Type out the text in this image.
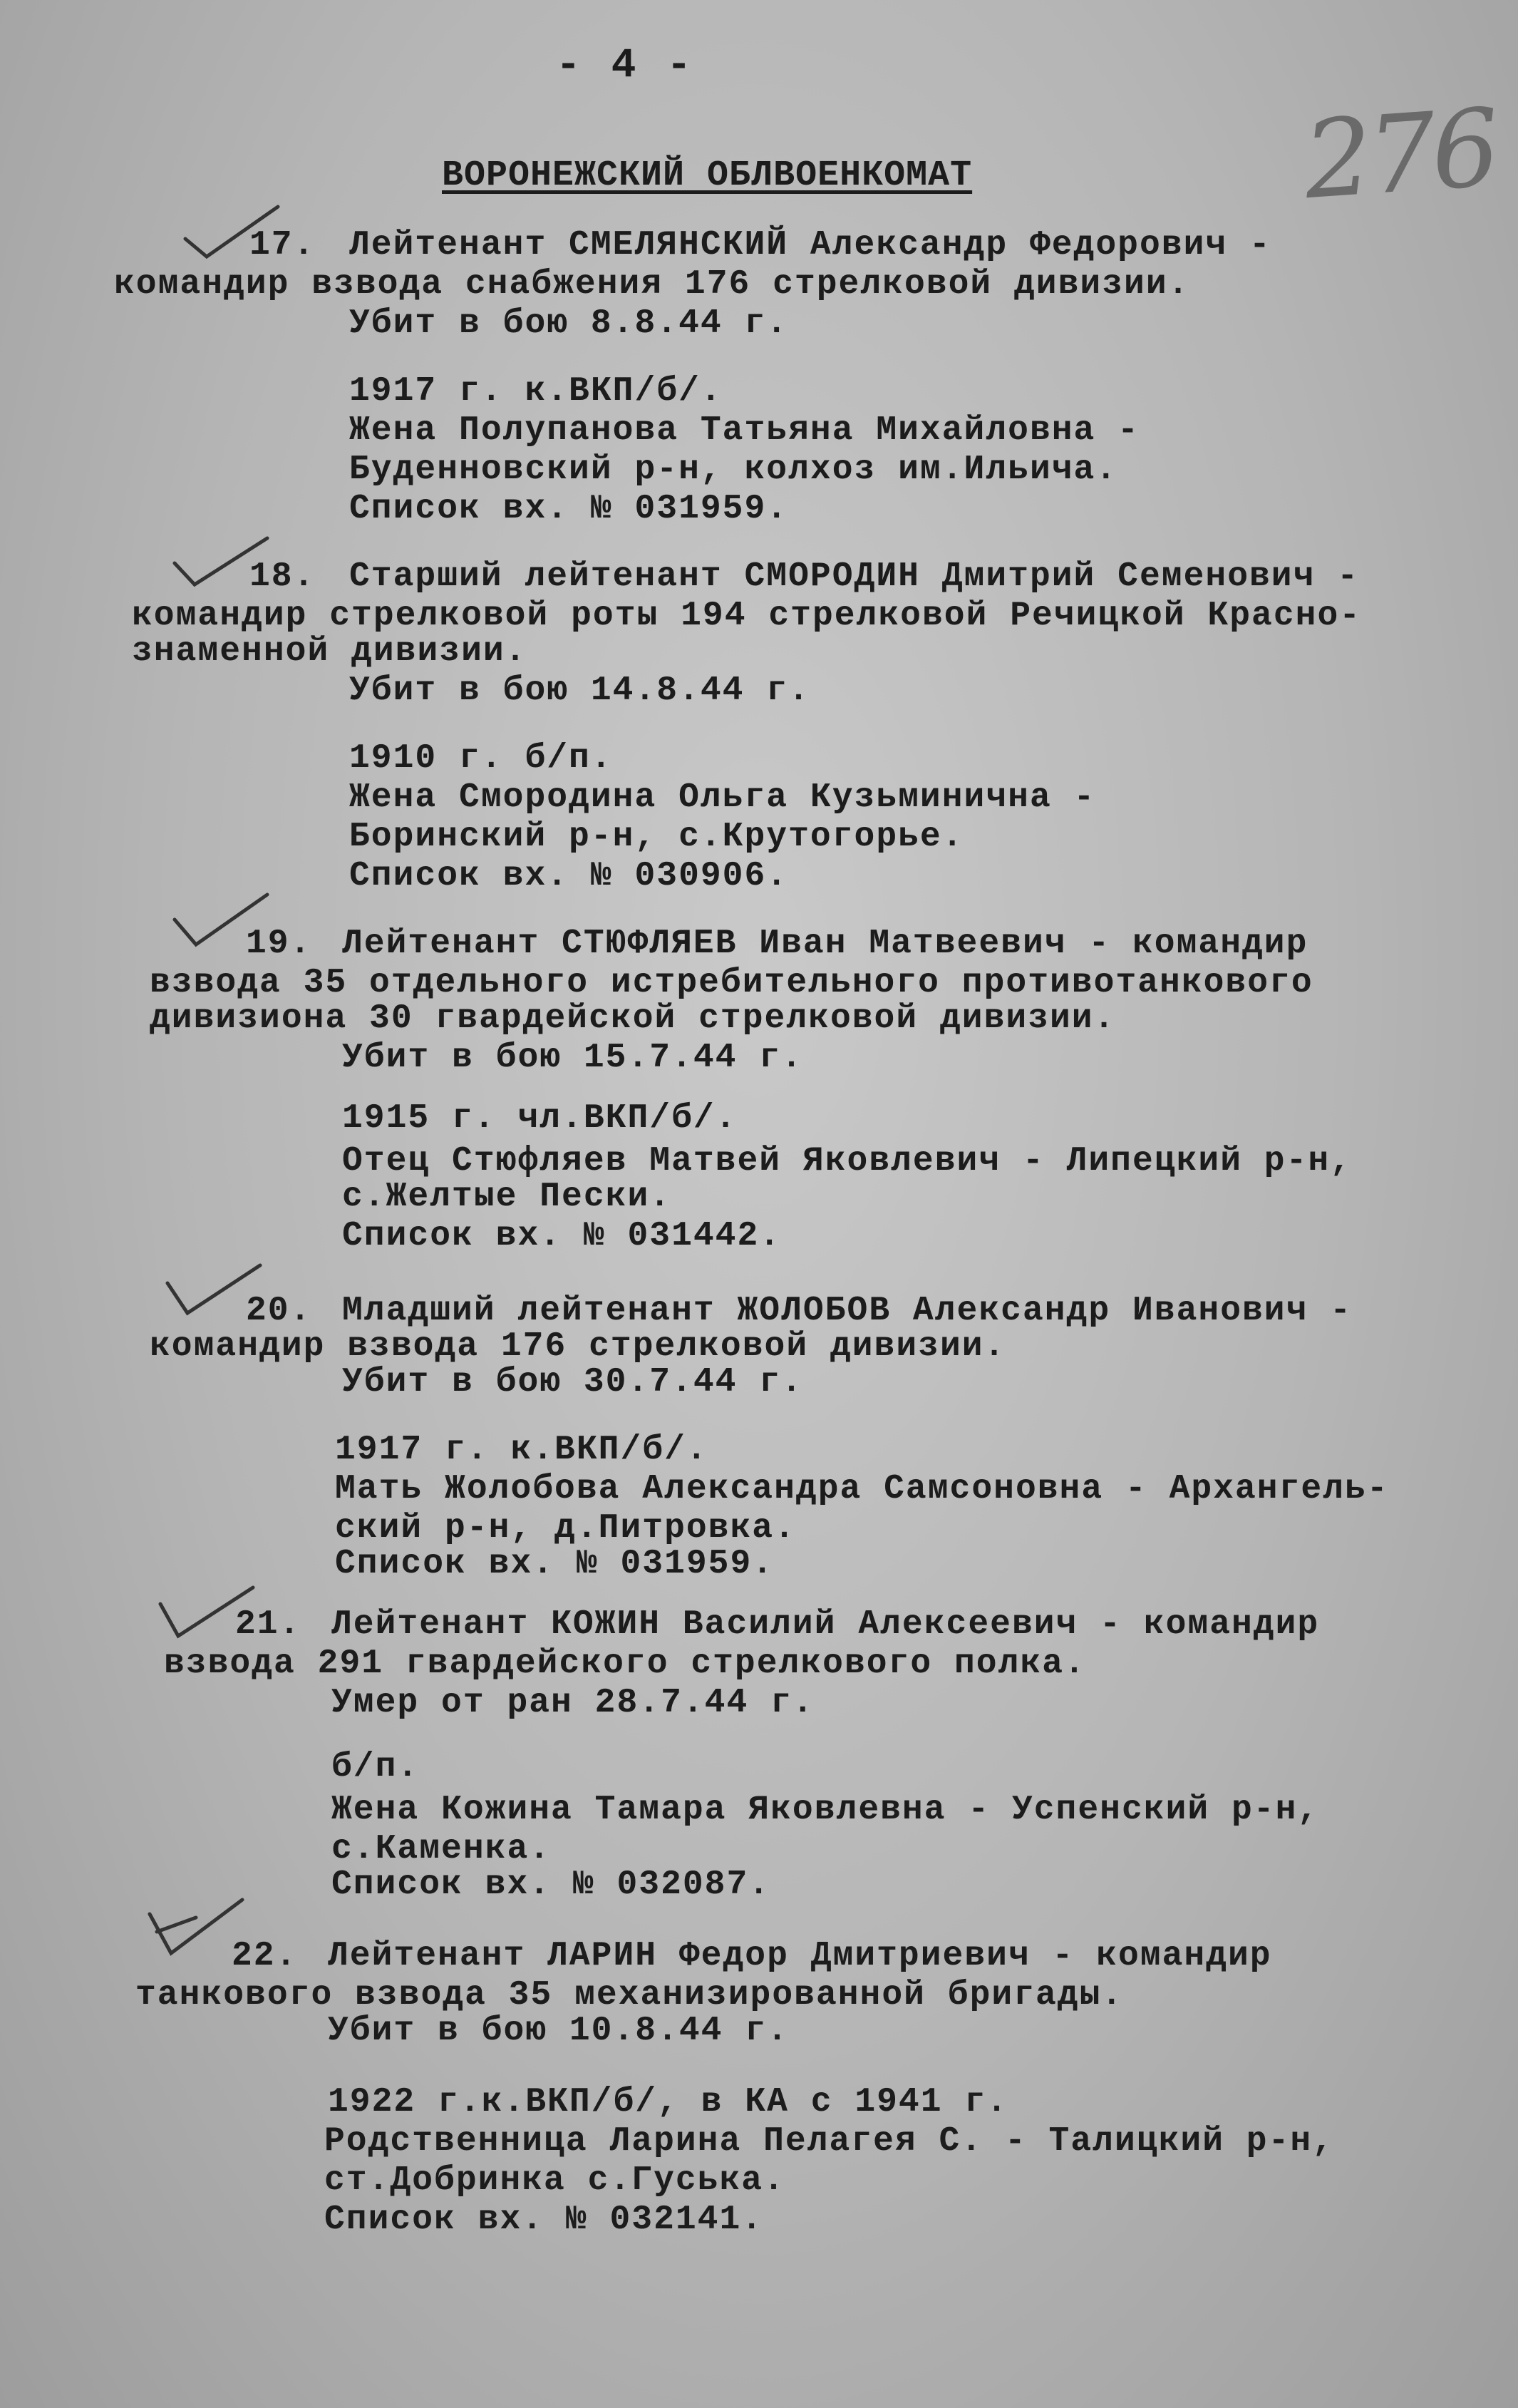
- 4 -
276
ВОРОНЕЖСКИЙ ОБЛВОЕНКОМАТ
17. Лейтенант СМЕЛЯНСКИЙ Александр Федорович -
командир взвода снабжения 176 стрелковой дивизии.
Убит в бою 8.8.44 г.
1917 г. к.ВКП/б/.
Жена Полупанова Татьяна Михайловна -
Буденновский р-н, колхоз им.Ильича.
Список вх. № 031959.
18. Старший лейтенант СМОРОДИН Дмитрий Семенович -
командир стрелковой роты 194 стрелковой Речицкой Красно-
знаменной дивизии.
Убит в бою 14.8.44 г.
1910 г. б/п.
Жена Смородина Ольга Кузьминична -
Боринский р-н, с.Крутогорье.
Список вх. № 030906.
19. Лейтенант СТЮФЛЯЕВ Иван Матвеевич - командир
взвода 35 отдельного истребительного противотанкового
дивизиона 30 гвардейской стрелковой дивизии.
Убит в бою 15.7.44 г.
1915 г. чл.ВКП/б/.
Отец Стюфляев Матвей Яковлевич - Липецкий р-н,
с.Желтые Пески.
Список вх. № 031442.
20. Младший лейтенант ЖОЛОБОВ Александр Иванович -
командир взвода 176 стрелковой дивизии.
Убит в бою 30.7.44 г.
1917 г. к.ВКП/б/.
Мать Жолобова Александра Самсоновна - Архангель-
ский р-н, д.Питровка.
Список вх. № 031959.
21. Лейтенант КОЖИН Василий Алексеевич - командир
взвода 291 гвардейского стрелкового полка.
Умер от ран 28.7.44 г.
б/п.
Жена Кожина Тамара Яковлевна - Успенский р-н,
с.Каменка.
Список вх. № 032087.
22. Лейтенант ЛАРИН Федор Дмитриевич - командир
танкового взвода 35 механизированной бригады.
Убит в бою 10.8.44 г.
1922 г.к.ВКП/б/, в КА с 1941 г.
Родственница Ларина Пелагея С. - Талицкий р-н,
ст.Добринка с.Гуська.
Список вх. № 032141.
